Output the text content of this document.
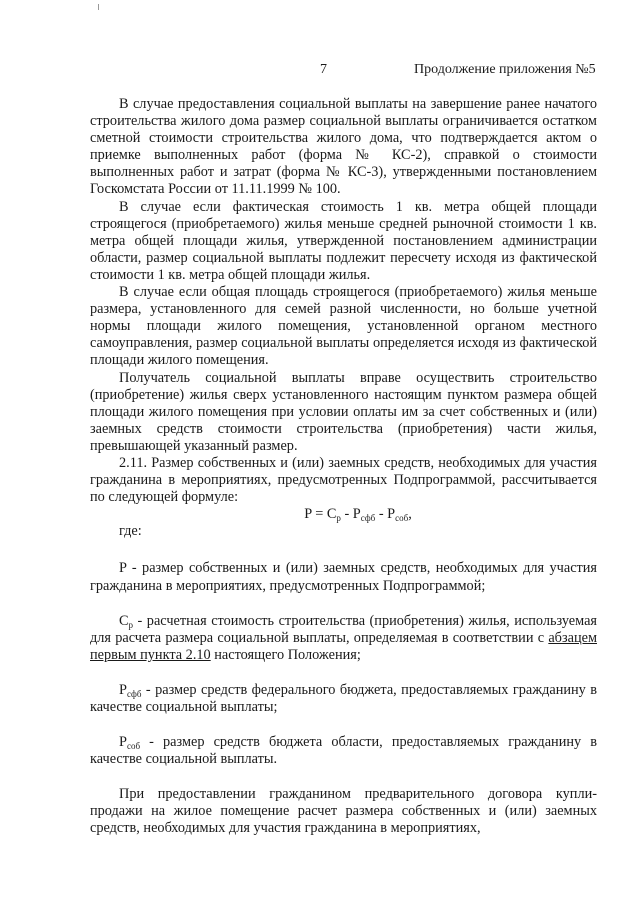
7	Продолжение приложения №5

В случае предоставления социальной выплаты на завершение ранее начатого строительства жилого дома размер социальной выплаты ограничивается остатком сметной стоимости строительства жилого дома, что подтверждается актом о приемке выполненных работ (форма № КС-2), справкой о стоимости выполненных работ и затрат (форма № КС-3), утвержденными постановлением Госкомстата России от 11.11.1999 № 100.

В случае если фактическая стоимость 1 кв. метра общей площади строящегося (приобретаемого) жилья меньше средней рыночной стоимости 1 кв. метра общей площади жилья, утвержденной постановлением администрации области, размер социальной выплаты подлежит пересчету исходя из фактической стоимости 1 кв. метра общей площади жилья.

В случае если общая площадь строящегося (приобретаемого) жилья меньше размера, установленного для семей разной численности, но больше учетной нормы площади жилого помещения, установленной органом местного самоуправления, размер социальной выплаты определяется исходя из фактической площади жилого помещения.

Получатель социальной выплаты вправе осуществить строительство (приобретение) жилья сверх установленного настоящим пунктом размера общей площади жилого помещения при условии оплаты им за счет собственных и (или) заемных средств стоимости строительства (приобретения) части жилья, превышающей указанный размер.

2.11. Размер собственных и (или) заемных средств, необходимых для участия гражданина в мероприятиях, предусмотренных Подпрограммой, рассчитывается по следующей формуле:

$P = C_р - P_{сфб} - P_{соб}$,

где:

P - размер собственных и (или) заемных средств, необходимых для участия гражданина в мероприятиях, предусмотренных Подпрограммой;

$C_р$ - расчетная стоимость строительства (приобретения) жилья, используемая для расчета размера социальной выплаты, определяемая в соответствии с абзацем первым пункта 2.10 настоящего Положения;

$P_{сфб}$ - размер средств федерального бюджета, предоставляемых гражданину в качестве социальной выплаты;

$P_{соб}$ - размер средств бюджета области, предоставляемых гражданину в качестве социальной выплаты.

При предоставлении гражданином предварительного договора купли-продажи на жилое помещение расчет размера собственных и (или) заемных средств, необходимых для участия гражданина в мероприятиях,
